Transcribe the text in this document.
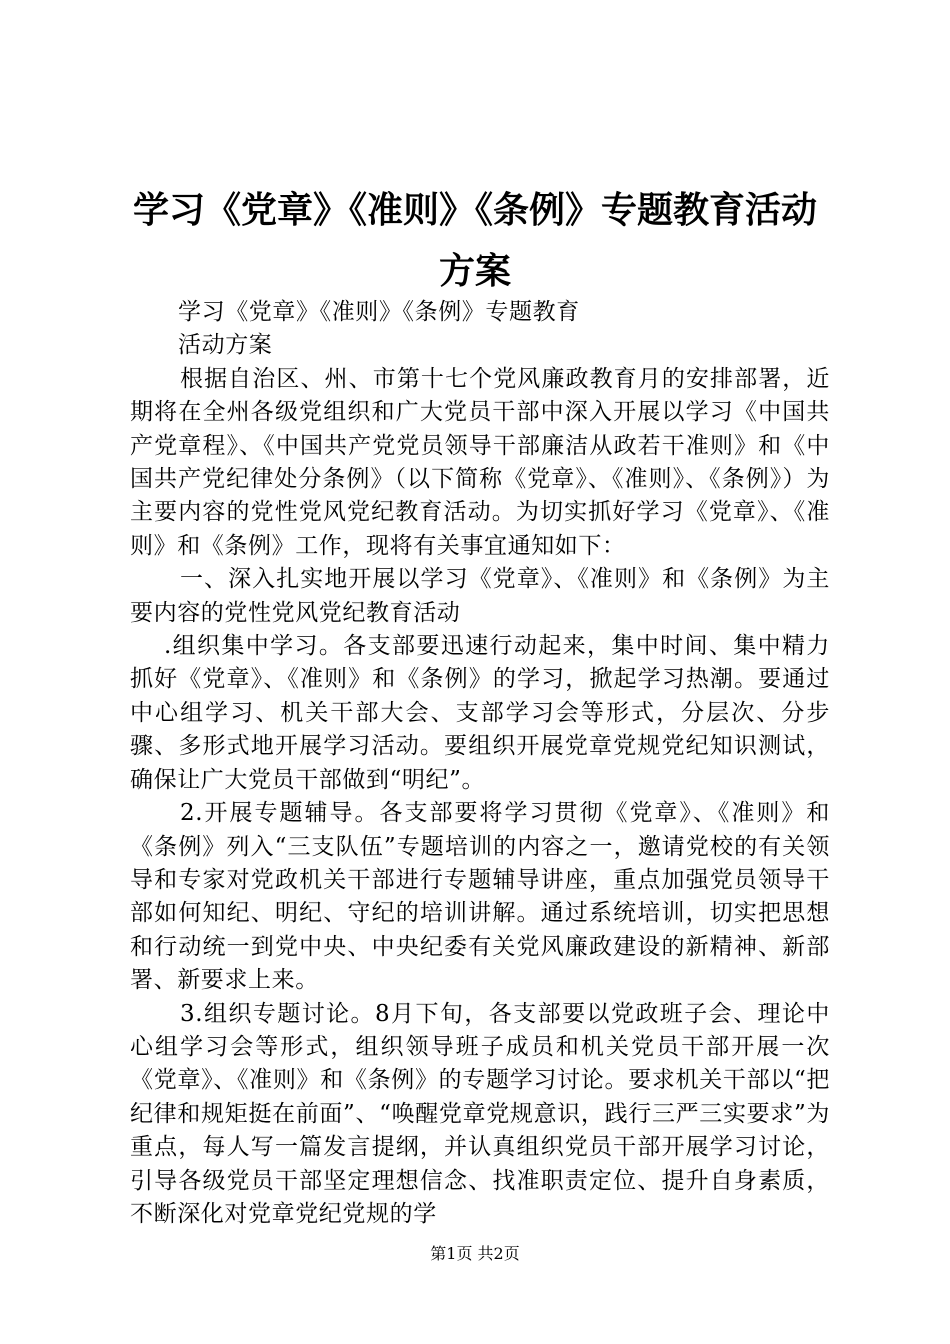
学习《党章》《准则》《条例》专题教育活动
方案

学习《党章》《准则》《条例》专题教育

活动方案

根据自治区、州、市第十七个党风廉政教育月的安排部署，近期将在全州各级党组织和广大党员干部中深入开展以学习《中国共产党章程》、《中国共产党党员领导干部廉洁从政若干准则》和《中国共产党纪律处分条例》（以下简称《党章》、《准则》、《条例》）为主要内容的党性党风党纪教育活动。为切实抓好学习《党章》、《准则》和《条例》工作，现将有关事宜通知如下：

一、深入扎实地开展以学习《党章》、《准则》和《条例》为主要内容的党性党风党纪教育活动

.组织集中学习。各支部要迅速行动起来，集中时间、集中精力抓好《党章》、《准则》和《条例》的学习，掀起学习热潮。要通过中心组学习、机关干部大会、支部学习会等形式，分层次、分步骤、多形式地开展学习活动。要组织开展党章党规党纪知识测试，确保让广大党员干部做到“明纪”。

2.开展专题辅导。各支部要将学习贯彻《党章》、《准则》和《条例》列入“三支队伍”专题培训的内容之一，邀请党校的有关领导和专家对党政机关干部进行专题辅导讲座，重点加强党员领导干部如何知纪、明纪、守纪的培训讲解。通过系统培训，切实把思想和行动统一到党中央、中央纪委有关党风廉政建设的新精神、新部署、新要求上来。

3.组织专题讨论。8月下旬，各支部要以党政班子会、理论中心组学习会等形式，组织领导班子成员和机关党员干部开展一次《党章》、《准则》和《条例》的专题学习讨论。要求机关干部以“把纪律和规矩挺在前面”、“唤醒党章党规意识，践行三严三实要求”为重点，每人写一篇发言提纲，并认真组织党员干部开展学习讨论，引导各级党员干部坚定理想信念、找准职责定位、提升自身素质，不断深化对党章党纪党规的学

第1页 共2页
